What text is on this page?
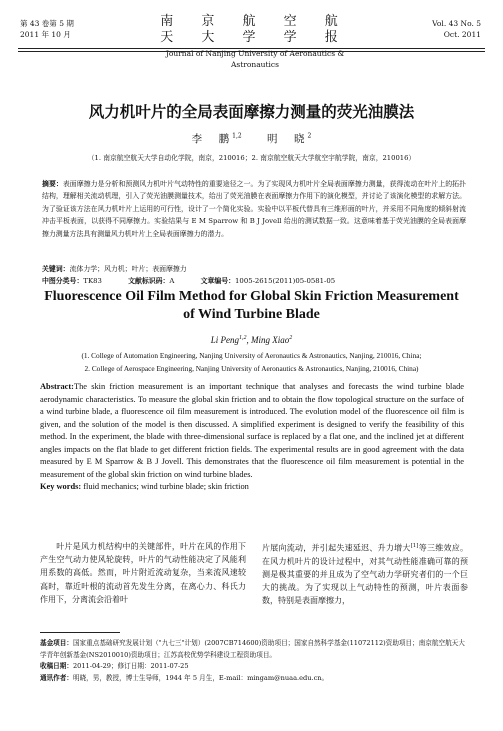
第 43 卷第 5 期
2011 年 10 月
南 京 航 空 航 天 大 学 学 报
Journal of Nanjing University of Aeronautics & Astronautics
Vol. 43 No. 5
Oct. 2011
风力机叶片的全局表面摩擦力测量的荧光油膜法
李　鹏$^{1,2}$ 明　晓$^2$
（1. 南京航空航天大学自动化学院，南京，210016；2. 南京航空航天大学航空宇航学院，南京，210016）
摘要：表面摩擦力是分析和预测风力机叶片气动特性的重要途径之一。为了实现风力机叶片全局表面摩擦力测量，获得流动在叶片上的拓扑结构，理解相关流动机理，引入了荧光油膜测量技术，给出了荧光油膜在表面摩擦力作用下的演化模型，并讨论了该演化模型的求解方法。为了验证该方法在风力机叶片上运用的可行性，设计了一个简化实验。实验中以平板代替具有三维形面的叶片，并采用不同角度的倾斜射流冲击平板表面，以获得不同摩擦力。实验结果与 E M Sparrow 和 B J Jovell 给出的测试数据一致。这意味着基于荧光油膜的全局表面摩擦力测量方法具有测量风力机叶片上全局表面摩擦力的潜力。
关键词：流体力学；风力机；叶片；表面摩擦力
中图分类号：TK83	文献标识码：A	文章编号：1005-2615(2011)05-0581-05
Fluorescence Oil Film Method for Global Skin Friction Measurement
of Wind Turbine Blade
Li Peng$^{1,2}$, Ming Xiao$^2$
(1. College of Automation Engineering, Nanjing University of Aeronautics & Astronautics, Nanjing, 210016, China;
2. College of Aerospace Engineering, Nanjing University of Aeronautics & Astronautics, Nanjing, 210016, China)
Abstract:The skin friction measurement is an important technique that analyses and forecasts the wind turbine blade aerodynamic characteristics. To measure the global skin friction and to obtain the flow topological structure on the surface of a wind turbine blade, a fluorescence oil film measurement is introduced. The evolution model of the fluorescence oil film is given, and the solution of the model is then discussed. A simplified experiment is designed to verify the feasibility of this method. In the experiment, the blade with three-dimensional surface is replaced by a flat one, and the inclined jet at different angles impacts on the flat blade to get different friction fields. The experimental results are in good agreement with the data measured by E M Sparrow & B J Jovell. This demonstrates that the fluorescence oil film measurement is potential in the measurement of the global skin friction on wind turbine blades.
Key words: fluid mechanics; wind turbine blade; skin friction
叶片是风力机结构中的关键部件，叶片在风的作用下产生空气动力使风轮旋转，叶片的气动性能决定了风能利用系数的高低。然而，叶片附近流动复杂，当来流风速较高时，靠近叶根的流动首先发生分离，在离心力、科氏力作用下，分离流会沿着叶
片展向流动，并引起失速延迟、升力增大[1]等三维效应。在风力机叶片的设计过程中，对其气动性能准确可靠的预测是极其重要的并且成为了空气动力学研究者们的一个巨大的挑战。为了实现以上气动特性的预测，叶片表面参数，特别是表面摩擦力，
基金项目：国家重点基础研究发展计划（"九七三"计划）(2007CB714600)资助项目；国家自然科学基金(11072112)资助项目；南京航空航天大学青年创新基金(NS2010010)资助项目；江苏高校优势学科建设工程资助项目。
收稿日期：2011-04-29；修订日期：2011-07-25
通讯作者：明晓，男，教授，博士生导师，1944 年 5 月生，E-mail：mingam@nuaa.edu.cn。
